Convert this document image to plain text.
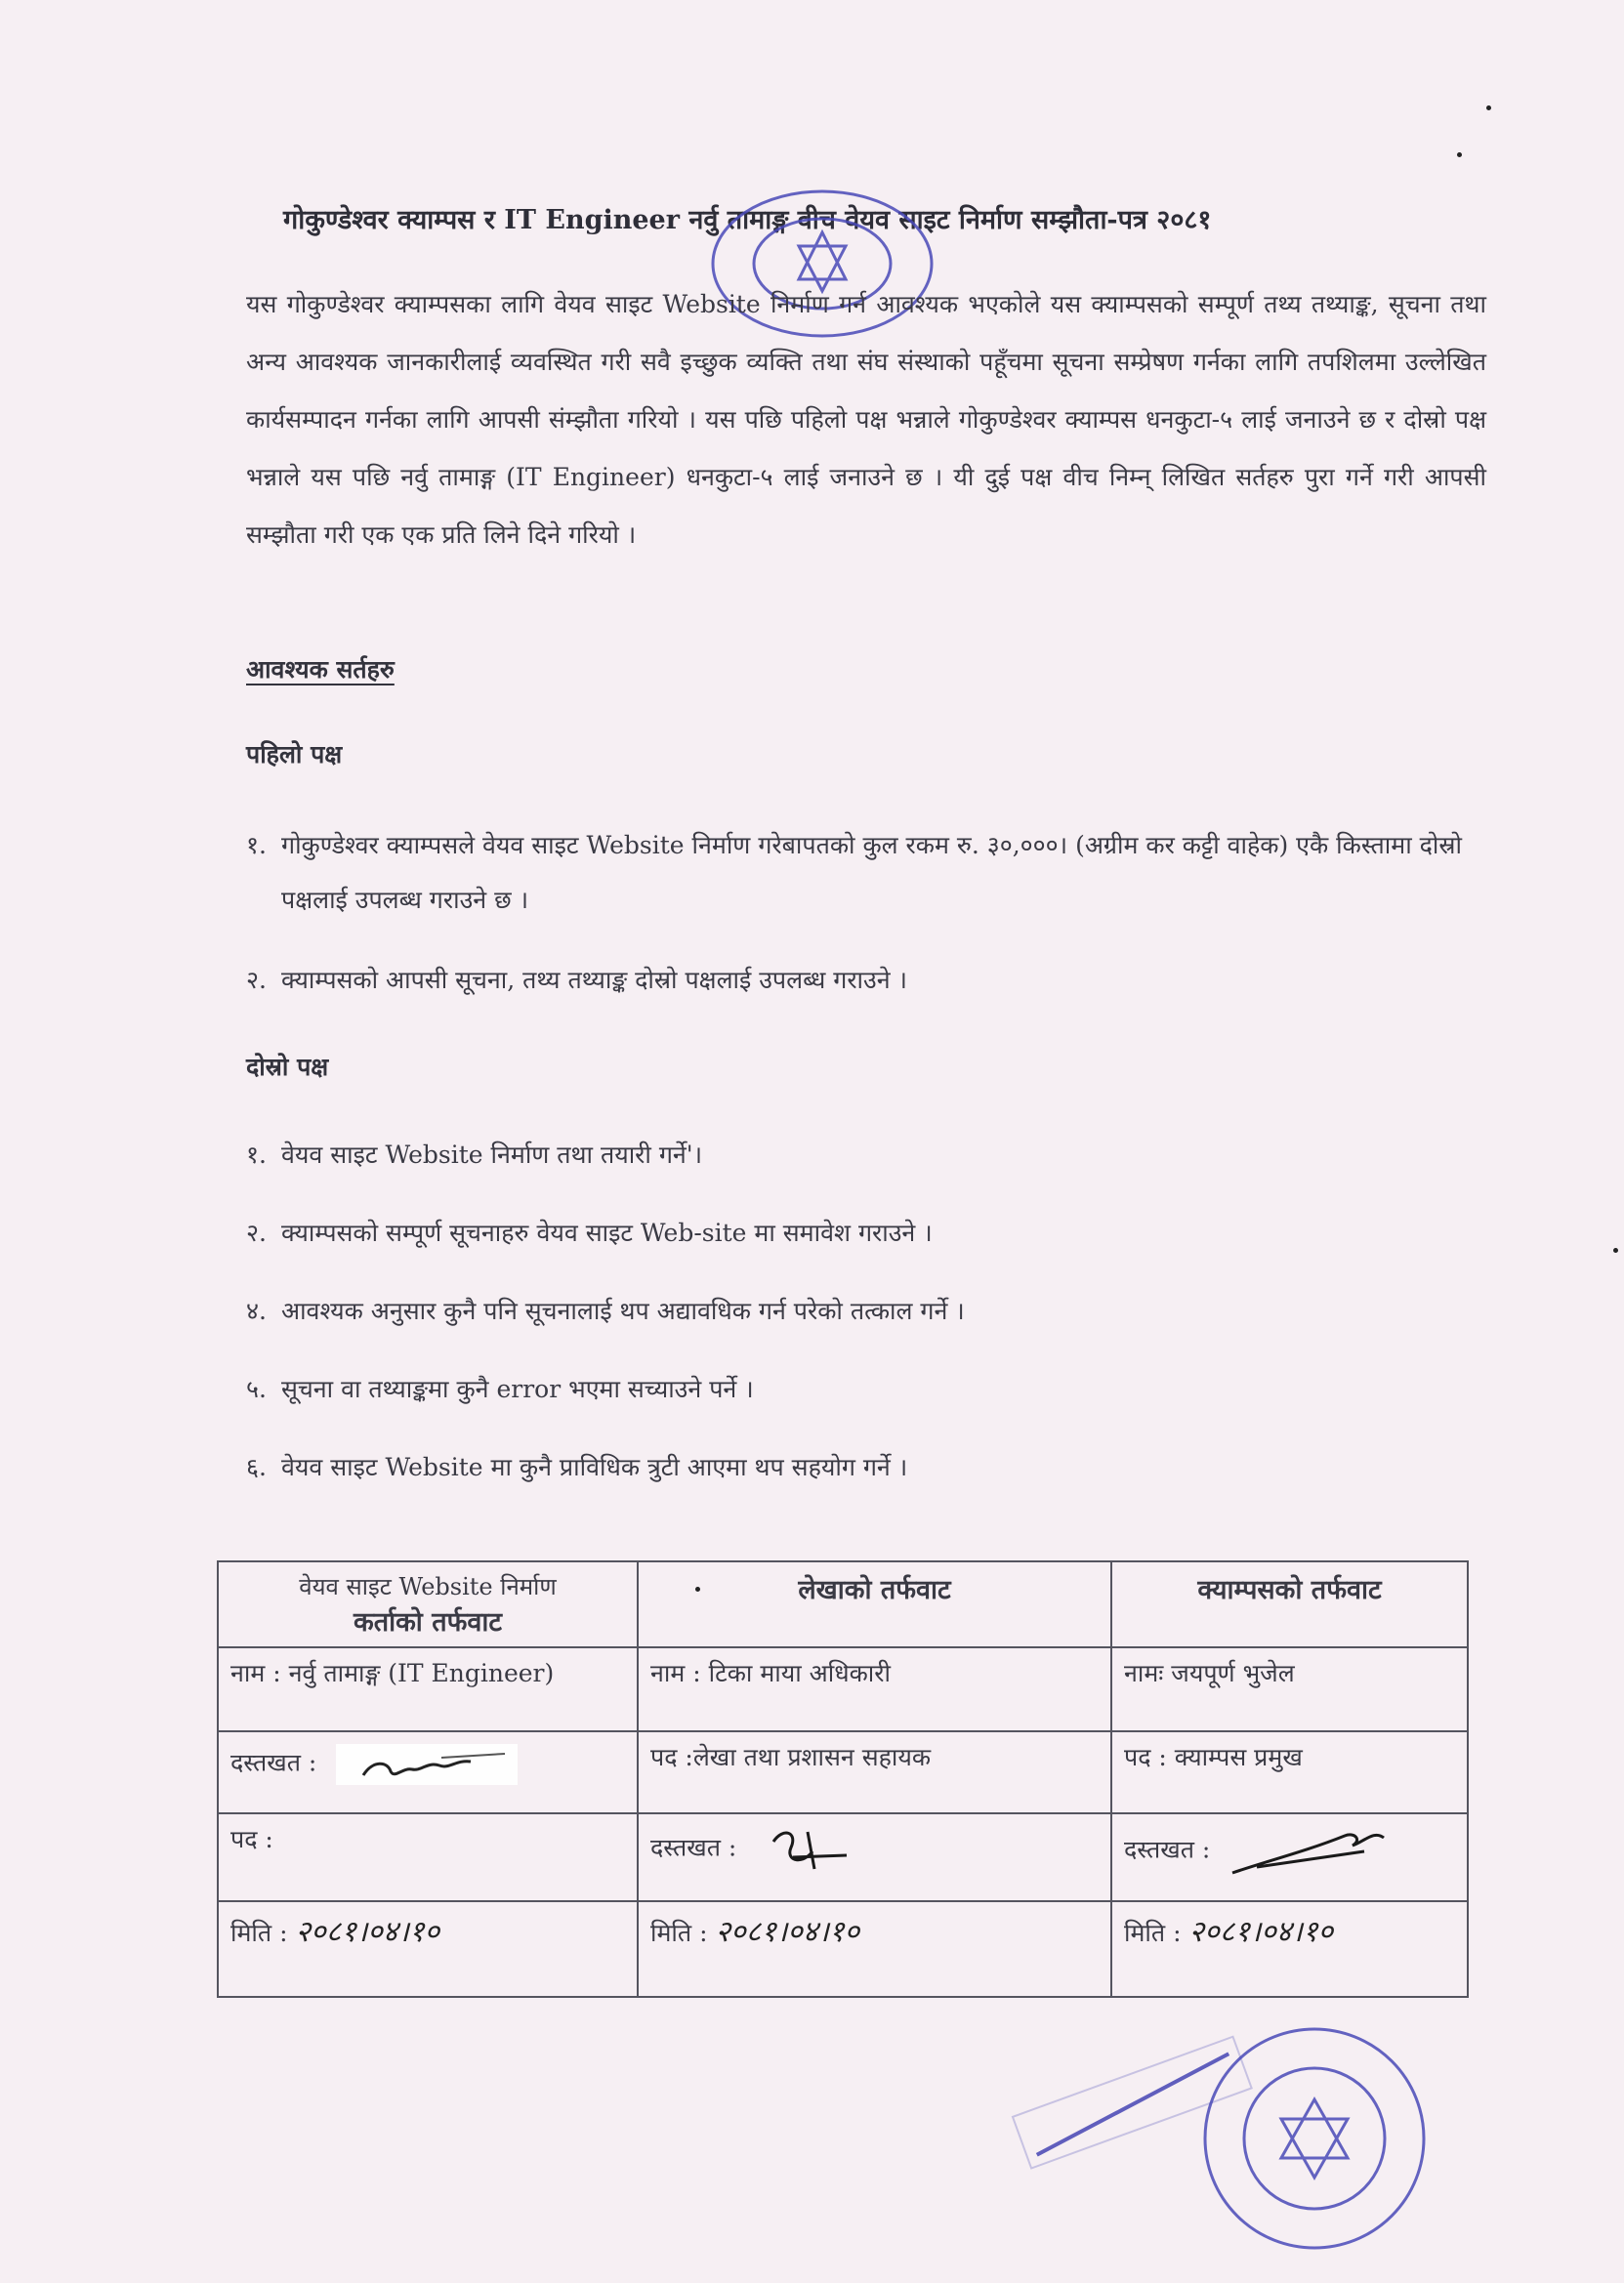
गोकुण्डेश्वर क्याम्पस र IT Engineer नर्वु तामाङ्ग वीच वेयव साइट निर्माण सम्झौता-पत्र २०८१

यस गोकुण्डेश्वर क्याम्पसका लागि वेयव साइट Website निर्माण गर्न आवश्यक भएकोले यस क्याम्पसको सम्पूर्ण तथ्य तथ्याङ्क, सूचना तथा अन्य आवश्यक जानकारीलाई व्यवस्थित गरी सवै इच्छुक व्यक्ति तथा संघ संस्थाको पहूँचमा सूचना सम्प्रेषण गर्नका लागि तपशिलमा उल्लेखित कार्यसम्पादन गर्नका लागि आपसी संम्झौता गरियो । यस पछि पहिलो पक्ष भन्नाले गोकुण्डेश्वर क्याम्पस धनकुटा-५ लाई जनाउने छ र दोस्रो पक्ष भन्नाले यस पछि नर्वु तामाङ्ग (IT Engineer) धनकुटा-५ लाई जनाउने छ । यी दुई पक्ष वीच निम्न् लिखित सर्तहरु पुरा गर्ने गरी आपसी सम्झौता गरी एक एक प्रति लिने दिने गरियो ।

आवश्यक सर्तहरु
पहिलो पक्ष
१. गोकुण्डेश्वर क्याम्पसले वेयव साइट Website निर्माण गरेबापतको कुल रकम रु. ३०,०००। (अग्रीम कर कट्टी वाहेक) एकै किस्तामा दोस्रो पक्षलाई उपलब्ध गराउने छ ।
२. क्याम्पसको आपसी सूचना, तथ्य तथ्याङ्क दोस्रो पक्षलाई उपलब्ध गराउने ।
दोस्रो पक्ष
१. वेयव साइट Website निर्माण तथा तयारी गर्ने'।
२. क्याम्पसको सम्पूर्ण सूचनाहरु वेयव साइट Web-site मा समावेश गराउने ।
४. आवश्यक अनुसार कुनै पनि सूचनालाई थप अद्यावधिक गर्न परेको तत्काल गर्ने ।
५. सूचना वा तथ्याङ्कमा कुनै error भएमा सच्याउने पर्ने ।
६. वेयव साइट Website मा कुनै प्राविधिक त्रुटी आएमा थप सहयोग गर्ने ।
वेयव साइट Website निर्माण
कर्ताको तर्फवाट	लेखाको तर्फवाट	क्याम्पसको तर्फवाट
नाम : नर्वु तामाङ्ग (IT Engineer)	नाम : टिका माया अधिकारी	नामः जयपूर्ण भुजेल
दस्तखत :	पद :लेखा तथा प्रशासन सहायक	पद : क्याम्पस प्रमुख
पद :	दस्तखत :	दस्तखत :
मिति : २०८१।०४।१०	मिति : २०८१।०४।१०	मिति : २०८१।०४।१०
